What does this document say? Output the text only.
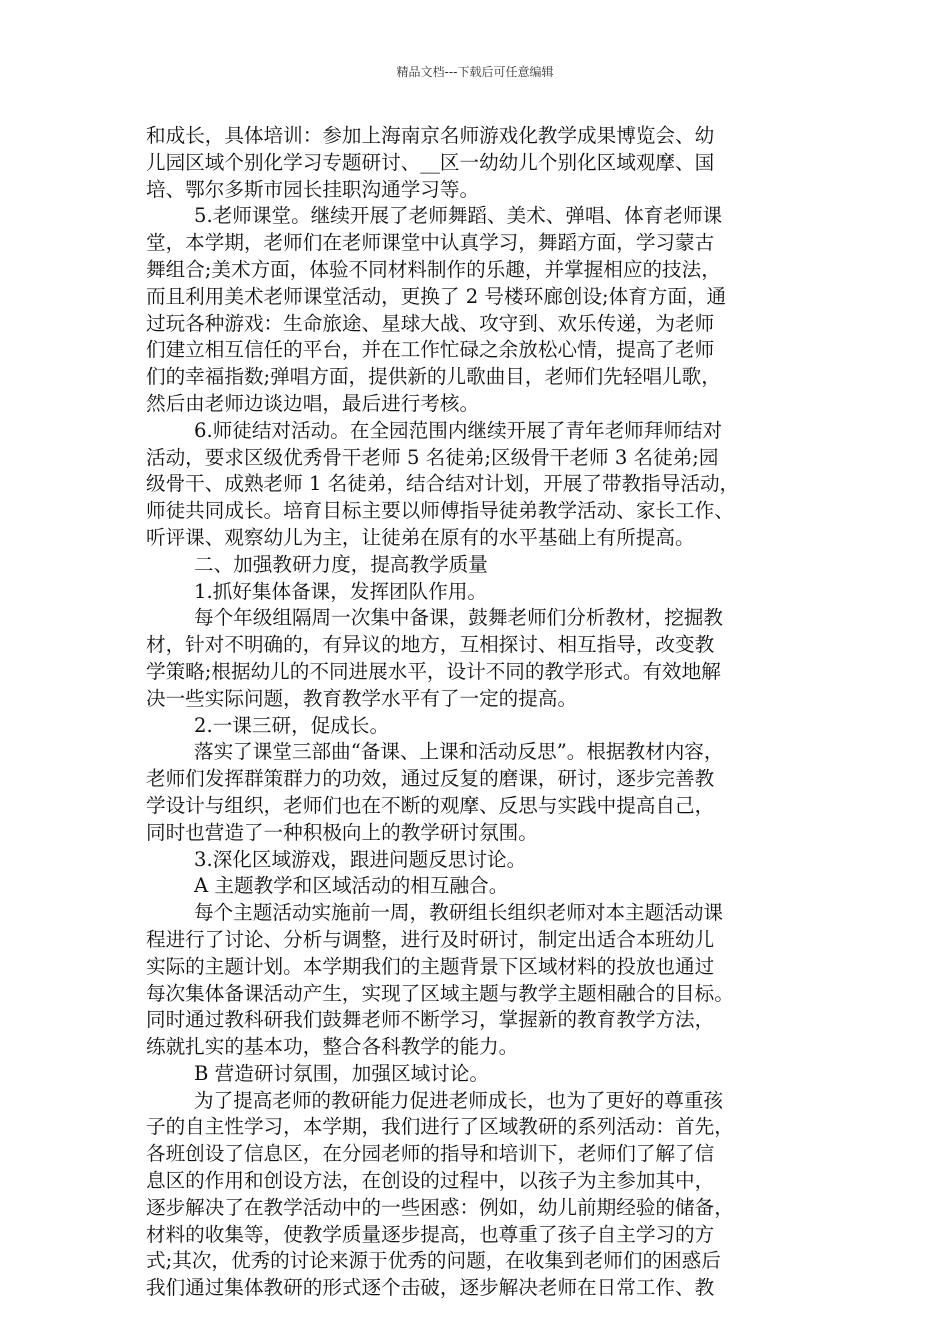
精品文档---下载后可任意编辑
和成长，具体培训：参加上海南京名师游戏化教学成果博览会、幼
儿园区域个别化学习专题研讨、__区一幼幼儿个别化区域观摩、国
培、鄂尔多斯市园长挂职沟通学习等。
5.老师课堂。继续开展了老师舞蹈、美术、弹唱、体育老师课
堂，本学期，老师们在老师课堂中认真学习，舞蹈方面，学习蒙古
舞组合;美术方面，体验不同材料制作的乐趣，并掌握相应的技法，
而且利用美术老师课堂活动，更换了 2 号楼环廊创设;体育方面，通
过玩各种游戏：生命旅途、星球大战、攻守到、欢乐传递，为老师
们建立相互信任的平台，并在工作忙碌之余放松心情，提高了老师
们的幸福指数;弹唱方面，提供新的儿歌曲目，老师们先轻唱儿歌，
然后由老师边谈边唱，最后进行考核。
6.师徒结对活动。在全园范围内继续开展了青年老师拜师结对
活动，要求区级优秀骨干老师 5 名徒弟;区级骨干老师 3 名徒弟;园
级骨干、成熟老师 1 名徒弟，结合结对计划，开展了带教指导活动，
师徒共同成长。培育目标主要以师傅指导徒弟教学活动、家长工作、
听评课、观察幼儿为主，让徒弟在原有的水平基础上有所提高。
二、加强教研力度，提高教学质量
1.抓好集体备课，发挥团队作用。
每个年级组隔周一次集中备课，鼓舞老师们分析教材，挖掘教
材，针对不明确的，有异议的地方，互相探讨、相互指导，改变教
学策略;根据幼儿的不同进展水平，设计不同的教学形式。有效地解
决一些实际问题，教育教学水平有了一定的提高。
2.一课三研，促成长。
落实了课堂三部曲“备课、上课和活动反思”。根据教材内容，
老师们发挥群策群力的功效，通过反复的磨课，研讨，逐步完善教
学设计与组织，老师们也在不断的观摩、反思与实践中提高自己，
同时也营造了一种积极向上的教学研讨氛围。
3.深化区域游戏，跟进问题反思讨论。
A 主题教学和区域活动的相互融合。
每个主题活动实施前一周，教研组长组织老师对本主题活动课
程进行了讨论、分析与调整，进行及时研讨，制定出适合本班幼儿
实际的主题计划。本学期我们的主题背景下区域材料的投放也通过
每次集体备课活动产生，实现了区域主题与教学主题相融合的目标。
同时通过教科研我们鼓舞老师不断学习，掌握新的教育教学方法，
练就扎实的基本功，整合各科教学的能力。
B 营造研讨氛围，加强区域讨论。
为了提高老师的教研能力促进老师成长，也为了更好的尊重孩
子的自主性学习，本学期，我们进行了区域教研的系列活动：首先，
各班创设了信息区，在分园老师的指导和培训下，老师们了解了信
息区的作用和创设方法，在创设的过程中，以孩子为主参加其中，
逐步解决了在教学活动中的一些困惑：例如，幼儿前期经验的储备，
材料的收集等，使教学质量逐步提高，也尊重了孩子自主学习的方
式;其次，优秀的讨论来源于优秀的问题，在收集到老师们的困惑后
我们通过集体教研的形式逐个击破，逐步解决老师在日常工作、教
